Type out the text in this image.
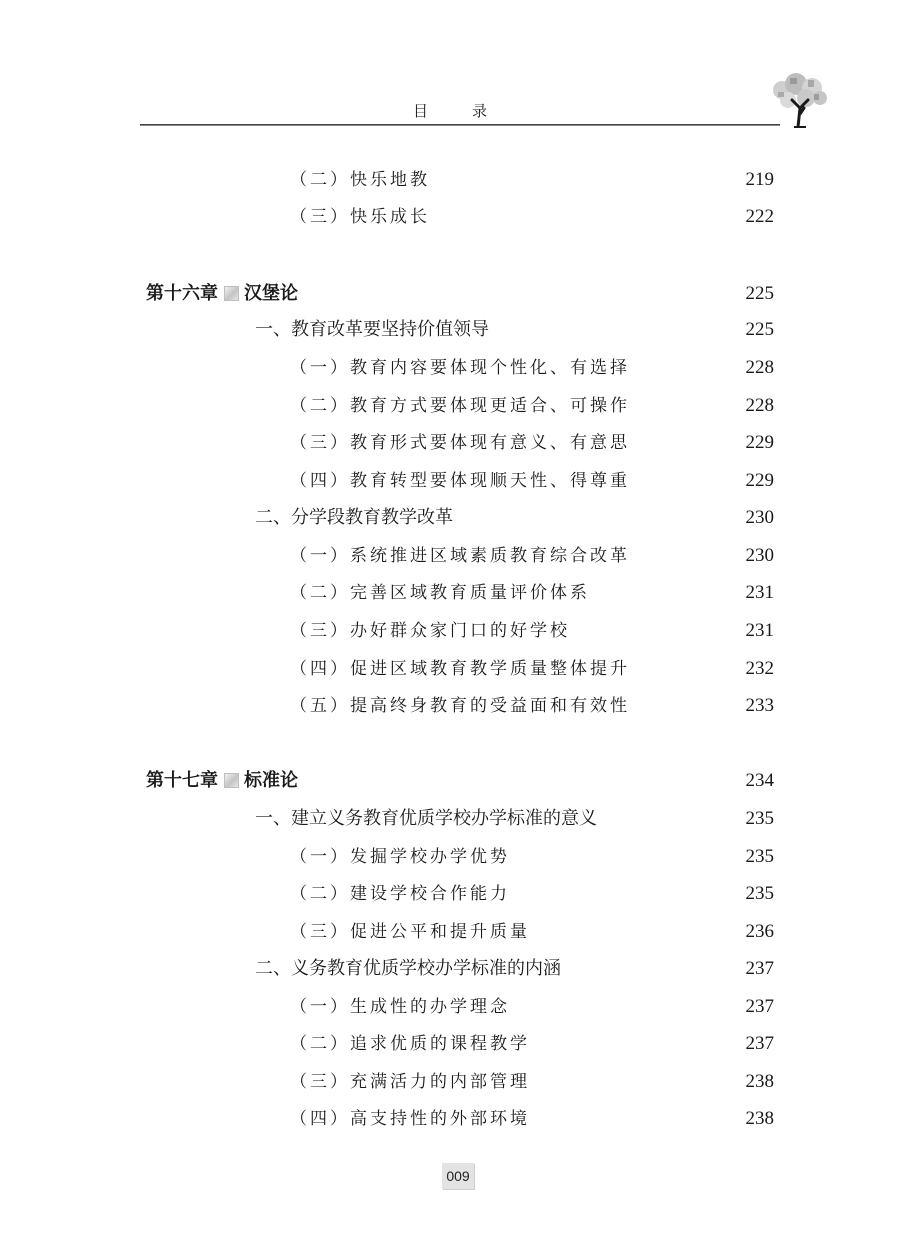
目录
（二）快乐地教	219
（三）快乐成长	222
第十六章 汉堡论	225
一、教育改革要坚持价值领导	225
（一）教育内容要体现个性化、有选择	228
（二）教育方式要体现更适合、可操作	228
（三）教育形式要体现有意义、有意思	229
（四）教育转型要体现顺天性、得尊重	229
二、分学段教育教学改革	230
（一）系统推进区域素质教育综合改革	230
（二）完善区域教育质量评价体系	231
（三）办好群众家门口的好学校	231
（四）促进区域教育教学质量整体提升	232
（五）提高终身教育的受益面和有效性	233
第十七章 标准论	234
一、建立义务教育优质学校办学标准的意义	235
（一）发掘学校办学优势	235
（二）建设学校合作能力	235
（三）促进公平和提升质量	236
二、义务教育优质学校办学标准的内涵	237
（一）生成性的办学理念	237
（二）追求优质的课程教学	237
（三）充满活力的内部管理	238
（四）高支持性的外部环境	238
009
